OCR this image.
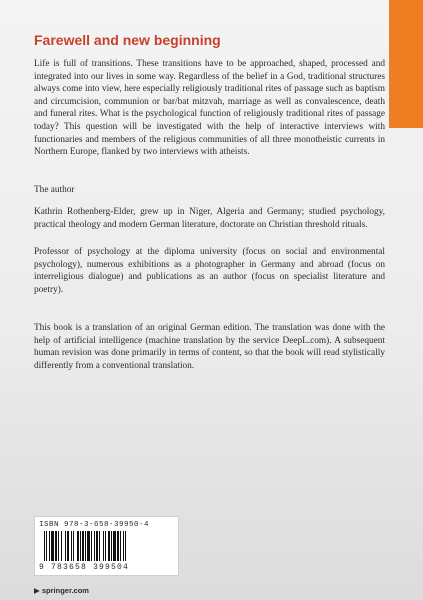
Farewell and new beginning

Life is full of transitions. These transitions have to be approached, shaped, processed and integrated into our lives in some way. Regardless of the belief in a God, traditional structures always come into view, here especially religiously traditional rites of passage such as baptism and circumcision, communion or bar/bat mitzvah, marriage as well as convalescence, death and funeral rites. What is the psychological function of religiously traditional rites of passage today? This question will be investigated with the help of interactive interviews with functionaries and members of the religious communities of all three monotheistic currents in Northern Europe, flanked by two interviews with atheists.

The author

Kathrin Rothenberg-Elder, grew up in Niger, Algeria and Germany; studied psychology, practical theology and modern German literature, doctorate on Christian threshold rituals.

Professor of psychology at the diploma university (focus on social and environmental psychology), numerous exhibitions as a photographer in Germany and abroad (focus on interreligious dialogue) and publications as an author (focus on specialist literature and poetry).

This book is a translation of an original German edition. The translation was done with the help of artificial intelligence (machine translation by the service DeepL.com). A subsequent human revision was done primarily in terms of content, so that the book will read stylistically differently from a conventional translation.

ISBN 978-3-658-39950-4
9 783658 399504
▶ springer.com
